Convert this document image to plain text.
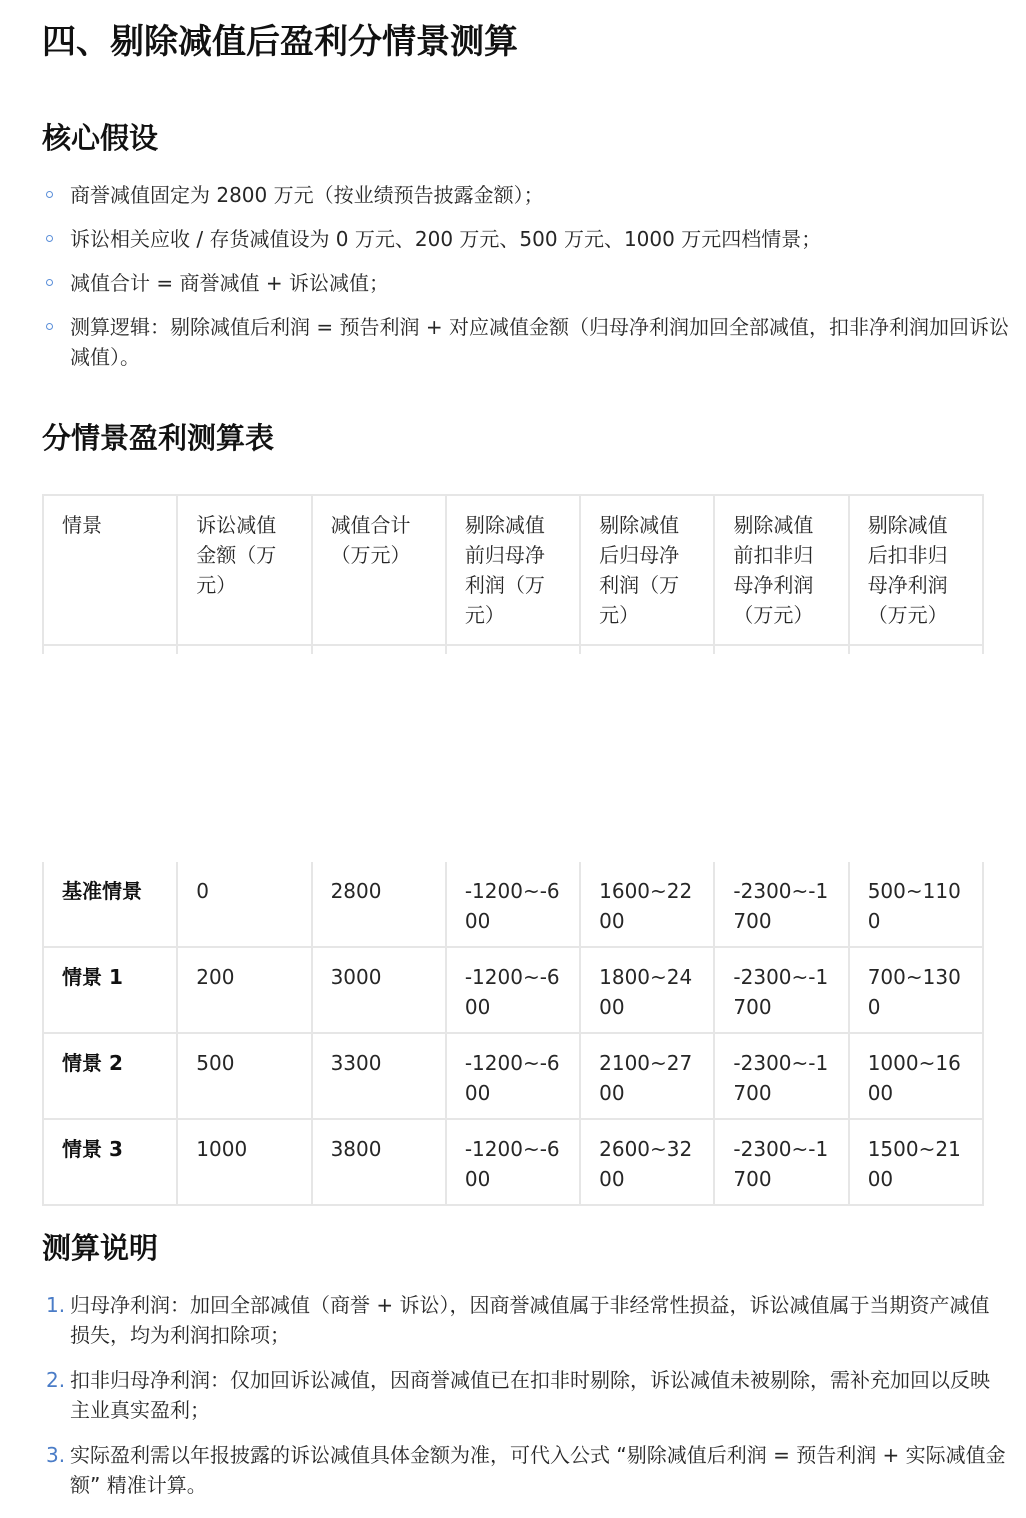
四、剔除减值后盈利分情景测算
核心假设
商誉减值固定为 2800 万元（按业绩预告披露金额）；
诉讼相关应收 / 存货减值设为 0 万元、200 万元、500 万元、1000 万元四档情景；
减值合计 = 商誉减值 + 诉讼减值；
测算逻辑：剔除减值后利润 = 预告利润 + 对应减值金额（归母净利润加回全部减值，扣非净利润加回诉讼减值）。
分情景盈利测算表
情景	诉讼减值金额（万元）	减值合计（万元）	剔除减值前归母净利润（万元）	剔除减值后归母净利润（万元）	剔除减值前扣非归母净利润（万元）	剔除减值后扣非归母净利润（万元）

基准情景	0	2800	-1200~-600	1600~2200	-2300~-1700	500~1100
情景 1	200	3000	-1200~-600	1800~2400	-2300~-1700	700~1300
情景 2	500	3300	-1200~-600	2100~2700	-2300~-1700	1000~1600
情景 3	1000	3800	-1200~-600	2600~3200	-2300~-1700	1500~2100
测算说明
1. 归母净利润：加回全部减值（商誉 + 诉讼），因商誉减值属于非经常性损益，诉讼减值属于当期资产减值损失，均为利润扣除项；
2. 扣非归母净利润：仅加回诉讼减值，因商誉减值已在扣非时剔除，诉讼减值未被剔除，需补充加回以反映主业真实盈利；
3. 实际盈利需以年报披露的诉讼减值具体金额为准，可代入公式 “剔除减值后利润 = 预告利润 + 实际减值金额” 精准计算。
